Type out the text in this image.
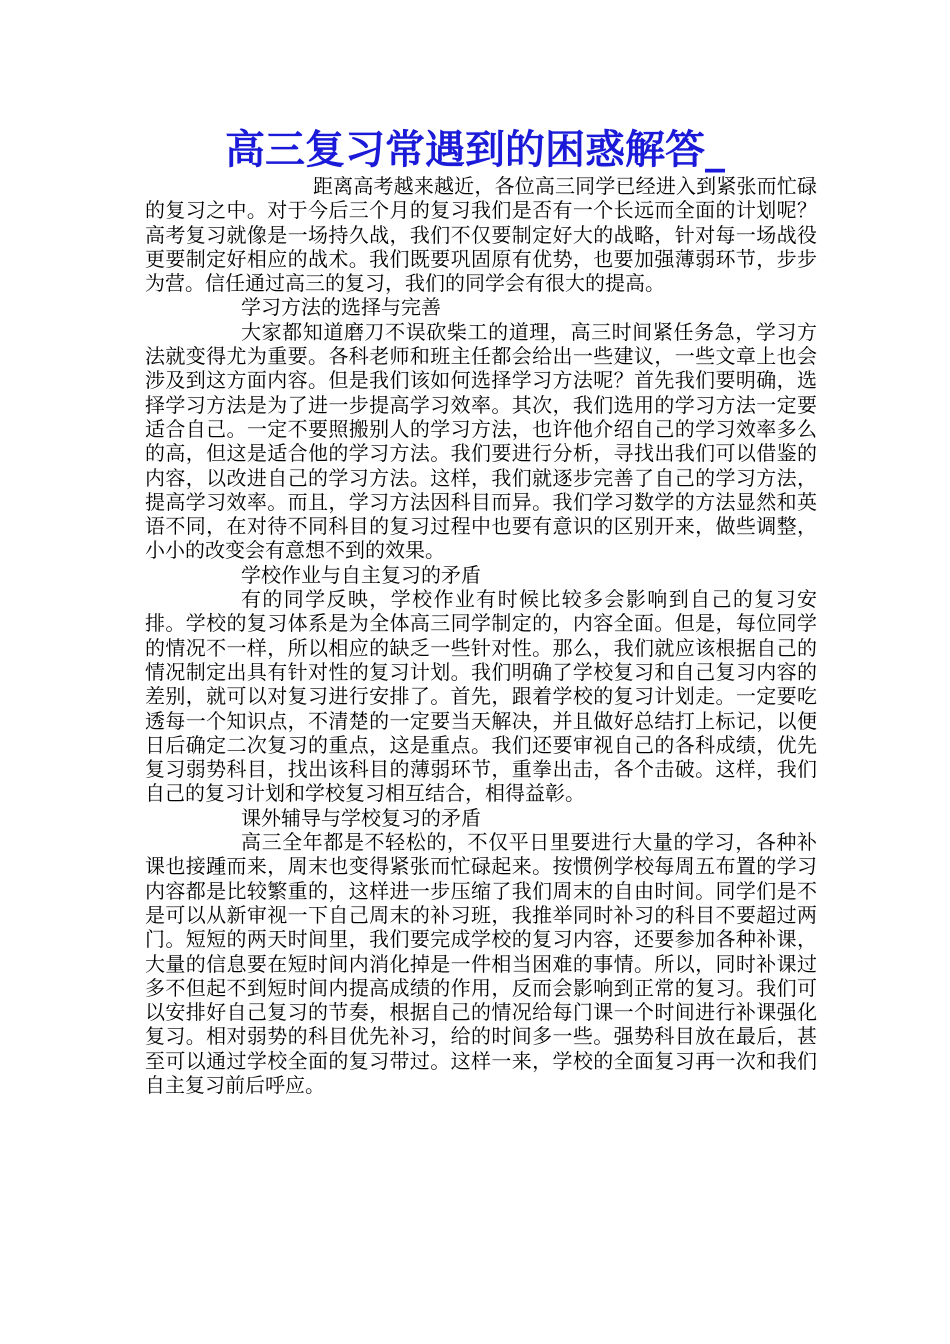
高三复习常遇到的困惑解答_

距离高考越来越近，各位高三同学已经进入到紧张而忙碌的复习之中。对于今后三个月的复习我们是否有一个长远而全面的计划呢？高考复习就像是一场持久战，我们不仅要制定好大的战略，针对每一场战役更要制定好相应的战术。我们既要巩固原有优势，也要加强薄弱环节，步步为营。信任通过高三的复习，我们的同学会有很大的提高。

学习方法的选择与完善

大家都知道磨刀不误砍柴工的道理，高三时间紧任务急，学习方法就变得尤为重要。各科老师和班主任都会给出一些建议，一些文章上也会涉及到这方面内容。但是我们该如何选择学习方法呢？首先我们要明确，选择学习方法是为了进一步提高学习效率。其次，我们选用的学习方法一定要适合自己。一定不要照搬别人的学习方法，也许他介绍自己的学习效率多么的高，但这是适合他的学习方法。我们要进行分析，寻找出我们可以借鉴的内容，以改进自己的学习方法。这样，我们就逐步完善了自己的学习方法，提高学习效率。而且，学习方法因科目而异。我们学习数学的方法显然和英语不同，在对待不同科目的复习过程中也要有意识的区别开来，做些调整，小小的改变会有意想不到的效果。

学校作业与自主复习的矛盾

有的同学反映，学校作业有时候比较多会影响到自己的复习安排。学校的复习体系是为全体高三同学制定的，内容全面。但是，每位同学的情况不一样，所以相应的缺乏一些针对性。那么，我们就应该根据自己的情况制定出具有针对性的复习计划。我们明确了学校复习和自己复习内容的差别，就可以对复习进行安排了。首先，跟着学校的复习计划走。一定要吃透每一个知识点，不清楚的一定要当天解决，并且做好总结打上标记，以便日后确定二次复习的重点，这是重点。我们还要审视自己的各科成绩，优先复习弱势科目，找出该科目的薄弱环节，重拳出击，各个击破。这样，我们自己的复习计划和学校复习相互结合，相得益彰。

课外辅导与学校复习的矛盾

高三全年都是不轻松的，不仅平日里要进行大量的学习，各种补课也接踵而来，周末也变得紧张而忙碌起来。按惯例学校每周五布置的学习内容都是比较繁重的，这样进一步压缩了我们周末的自由时间。同学们是不是可以从新审视一下自己周末的补习班，我推举同时补习的科目不要超过两门。短短的两天时间里，我们要完成学校的复习内容，还要参加各种补课，大量的信息要在短时间内消化掉是一件相当困难的事情。所以，同时补课过多不但起不到短时间内提高成绩的作用，反而会影响到正常的复习。我们可以安排好自己复习的节奏，根据自己的情况给每门课一个时间进行补课强化复习。相对弱势的科目优先补习，给的时间多一些。强势科目放在最后，甚至可以通过学校全面的复习带过。这样一来，学校的全面复习再一次和我们自主复习前后呼应。
